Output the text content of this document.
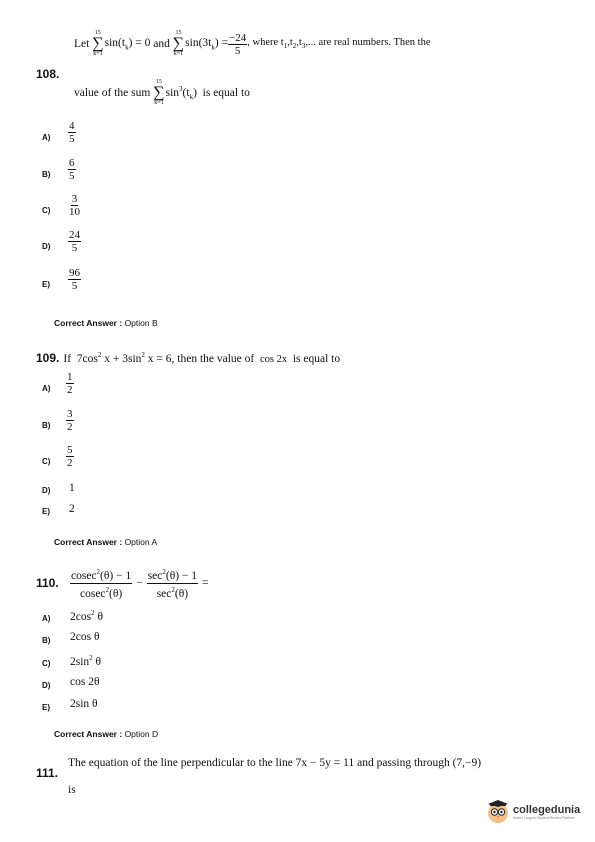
108.
Let

15
∑
k=1
$\sin(t_k) = 0$
and

15
∑
k=1
$\sin(3t_k) = \frac{-24}{5}$ , where $t_1,t_2,t_3$,... are real numbers. Then the
value of the sum

15
∑
k=1
$\sin^3(t_k)$
is equal to
$A) \frac{4}{5}$
$B) \frac{6}{5}$
$C) \frac{3}{10}$
$D) \frac{24}{5}$
$E) \frac{96}{5}$
Correct Answer : Option B
109.
If $7\cos^2$ $x + 3\sin^2$ x = 6, then the value of cos 2x is equal to
$A) \frac{1}{2}$
$B) \frac{3}{2}$
$C) \frac{5}{2}$
D) 1
E) 2
Correct Answer : Option A
110. $\frac{cosec^2(\theta) - 1}{cosec^2(\theta)} - \frac{\sec^2(\theta) - 1}{\sec^2(\theta)}$ =
A) $2\cos^2$ θ
B) 2cos θ
C) $2\sin^2$ θ
D) cos 2θ
E) 2sin θ
Correct Answer : Option D
111.
The equation of the line perpendicular to the line 7x − 5y = 11 and passing through (7,−9)
is
collegedunia
India's Largest Student Review Platform
